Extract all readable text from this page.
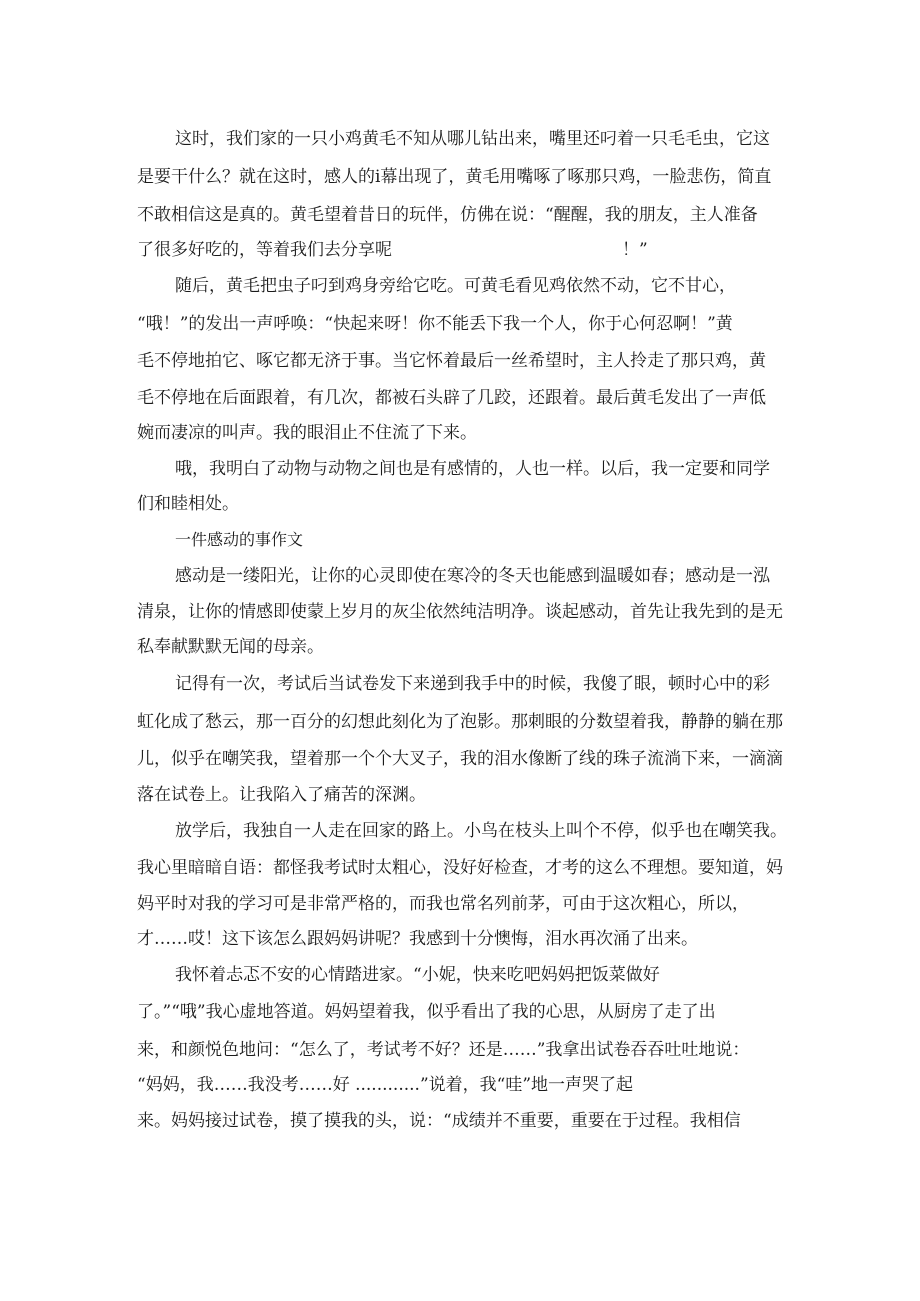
这时，我们家的一只小鸡黄毛不知从哪儿钻出来，嘴里还叼着一只毛毛虫，它这
是要干什么？就在这时，感人的i幕出现了，黄毛用嘴啄了啄那只鸡，一脸悲伤，简直
不敢相信这是真的。黄毛望着昔日的玩伴，仿佛在说：“醒醒，我的朋友，主人准备
了很多好吃的，等着我们去分享呢	！”
随后，黄毛把虫子叼到鸡身旁给它吃。可黄毛看见鸡依然不动，它不甘心，
“哦！”的发出一声呼唤：“快起来呀！你不能丢下我一个人，你于心何忍啊！”黄
毛不停地拍它、啄它都无济于事。当它怀着最后一丝希望时，主人拎走了那只鸡，黄
毛不停地在后面跟着，有几次，都被石头辟了几跤，还跟着。最后黄毛发出了一声低
婉而凄凉的叫声。我的眼泪止不住流了下来。
哦，我明白了动物与动物之间也是有感情的，人也一样。以后，我一定要和同学
们和睦相处。
一件感动的事作文
感动是一缕阳光，让你的心灵即使在寒冷的冬天也能感到温暖如春；感动是一泓
清泉，让你的情感即使蒙上岁月的灰尘依然纯洁明净。谈起感动，首先让我先到的是无
私奉献默默无闻的母亲。
记得有一次，考试后当试卷发下来递到我手中的时候，我傻了眼，顿时心中的彩
虹化成了愁云，那一百分的幻想此刻化为了泡影。那刺眼的分数望着我，静静的躺在那
儿，似乎在嘲笑我，望着那一个个大叉子，我的泪水像断了线的珠子流淌下来，一滴滴
落在试卷上。让我陷入了痛苦的深渊。
放学后，我独自一人走在回家的路上。小鸟在枝头上叫个不停，似乎也在嘲笑我。
我心里暗暗自语：都怪我考试时太粗心，没好好检查，才考的这么不理想。要知道，妈
妈平时对我的学习可是非常严格的，而我也常名列前茅，可由于这次粗心，所以，
才……哎！这下该怎么跟妈妈讲呢？我感到十分懊悔，泪水再次涌了出来。
我怀着忐忑不安的心情踏进家。“小妮，快来吃吧妈妈把饭菜做好
了。”“哦”我心虚地答道。妈妈望着我，似乎看出了我的心思，从厨房了走了出
来，和颜悦色地问：“怎么了，考试考不好？还是……”我拿出试卷吞吞吐吐地说：
“妈妈，我……我没考……好 ............”说着，我“哇”地一声哭了起
来。妈妈接过试卷，摸了摸我的头，说：“成绩并不重要，重要在于过程。我相信
